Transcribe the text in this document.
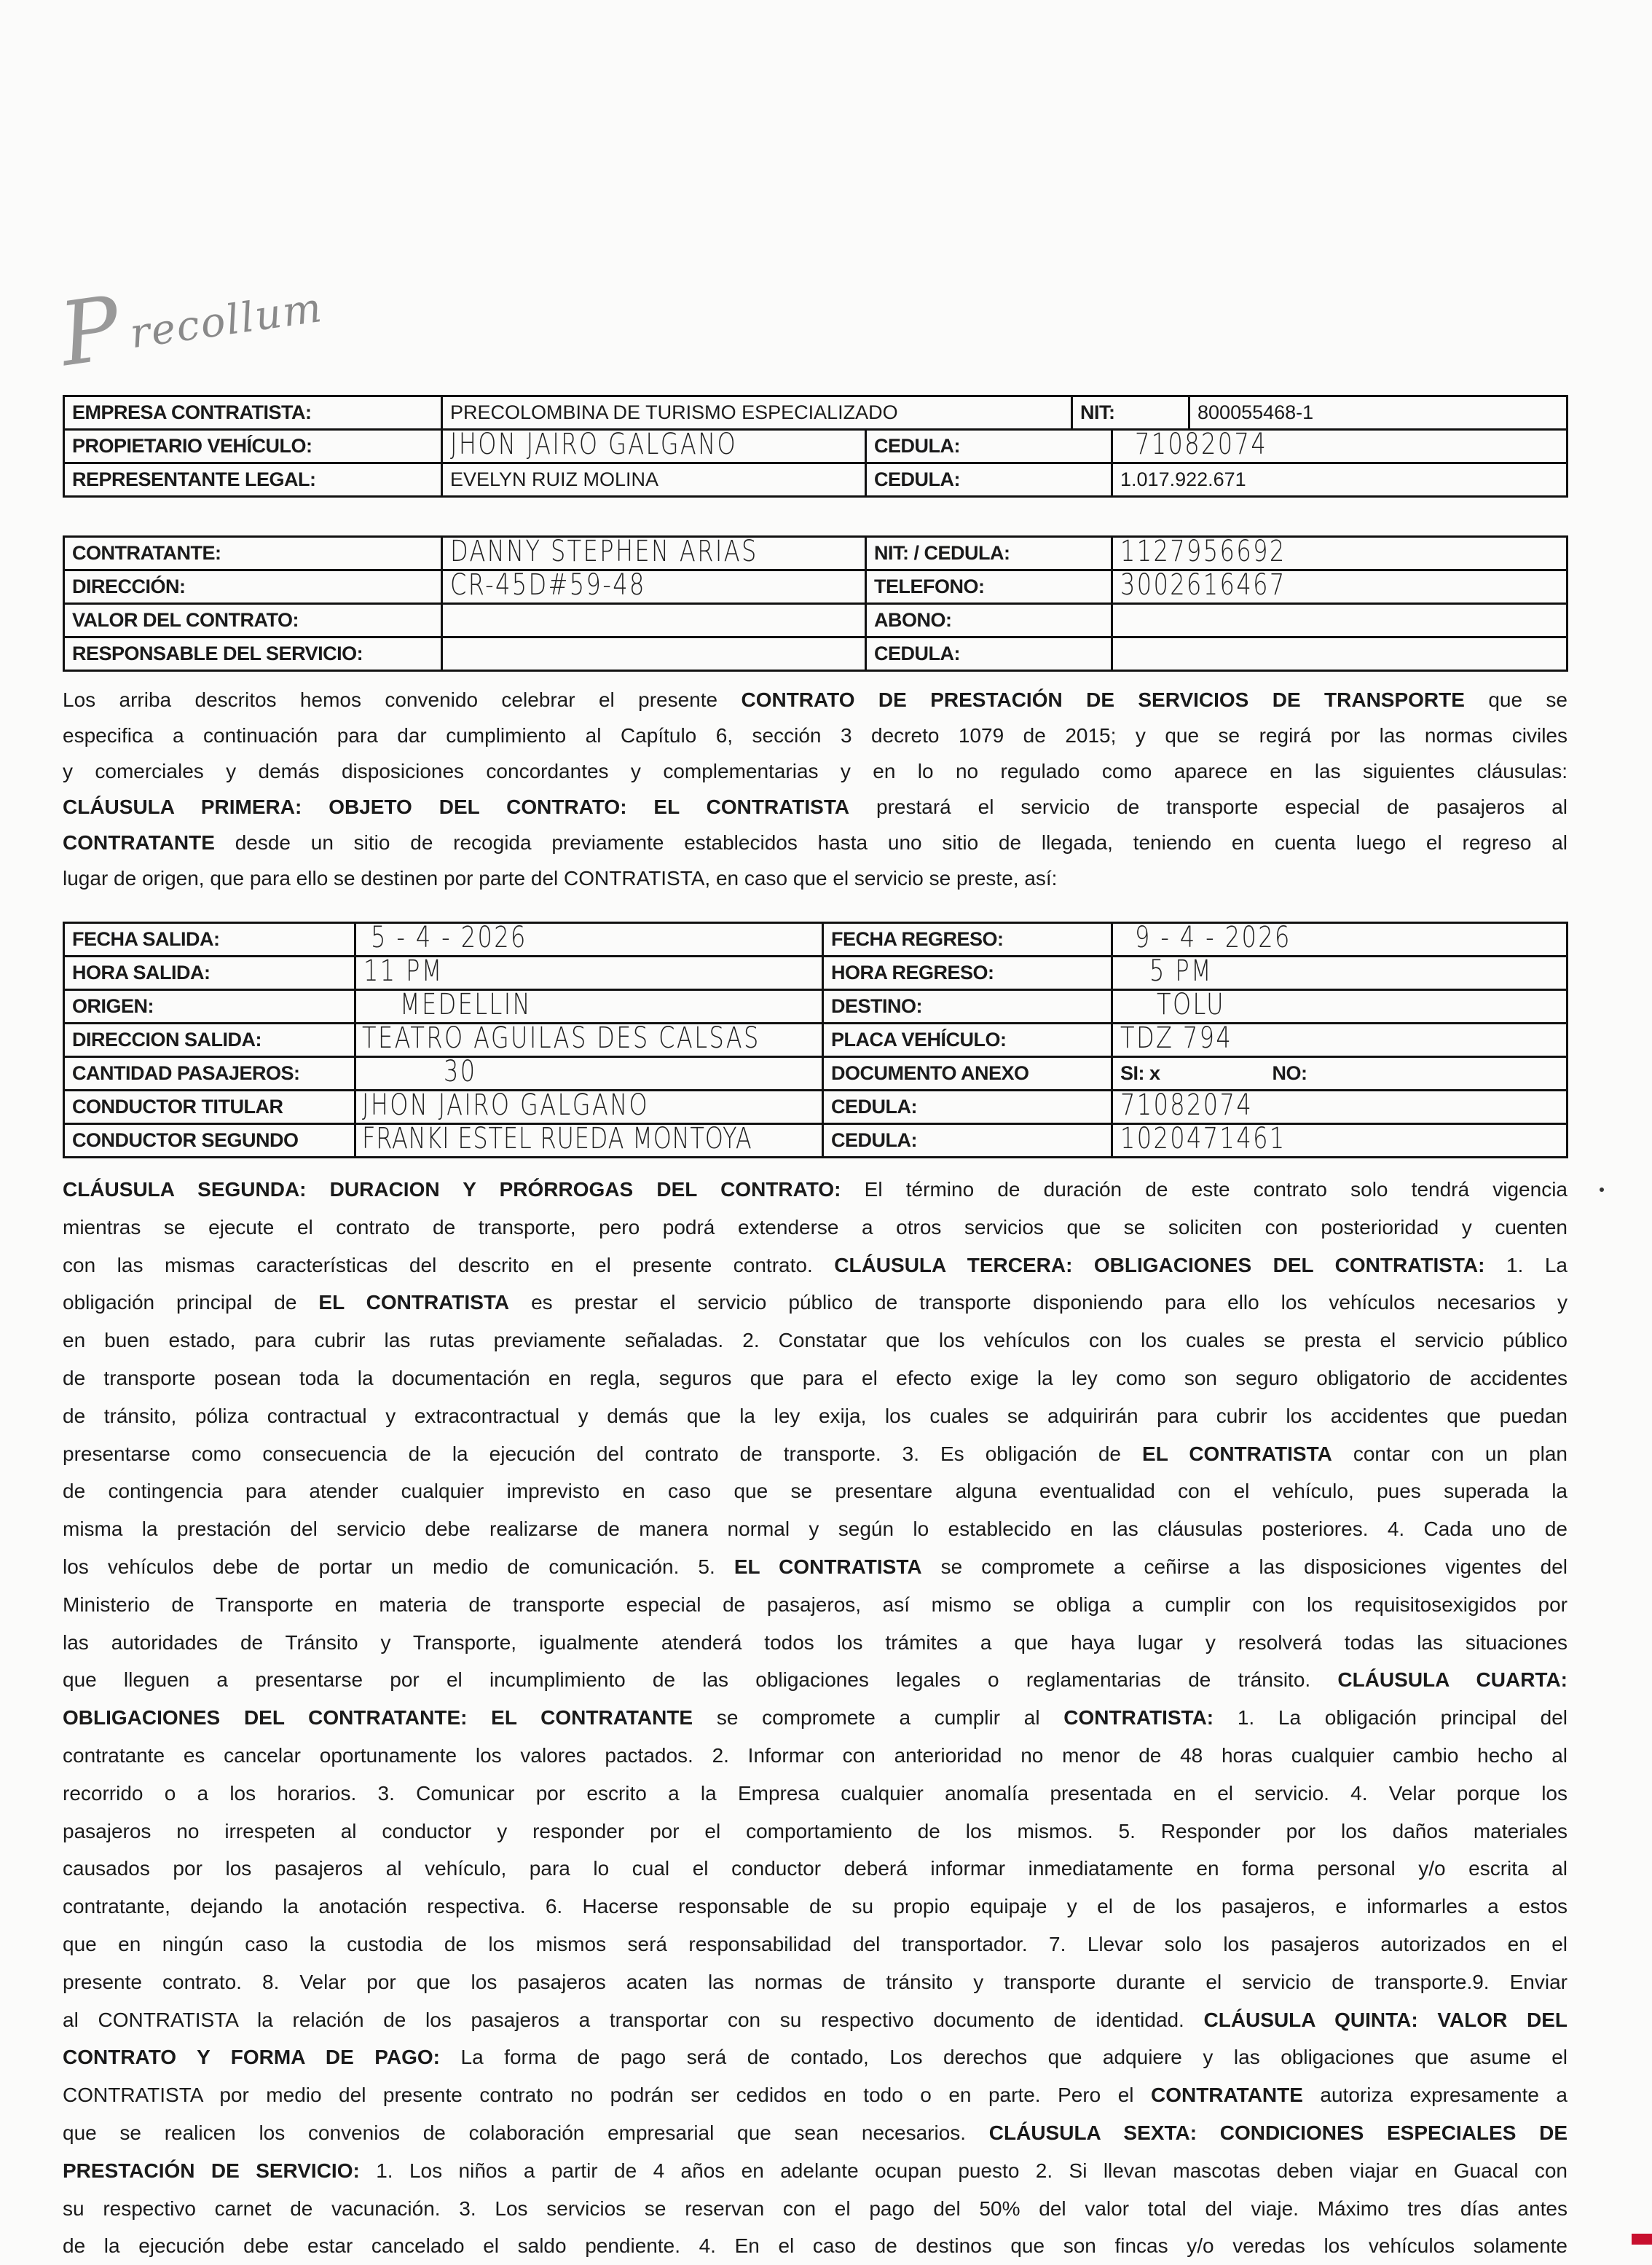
P recollum
EMPRESA CONTRATISTA:	PRECOLOMBINA DE TURISMO ESPECIALIZADO		NIT:		800055468-1
PROPIETARIO VEHÍCULO:	JHON JAIRO GALGANO	CEDULA:		71082074	

REPRESENTANTE LEGAL:	EVELYN RUIZ MOLINA	CEDULA:		1.017.922.671	
CONTRATANTE:	DANNY STEPHEN ARIAS	NIT: / CEDULA:	1127956692

DIRECCIÓN:	CR-45D#59-48	TELEFONO:	3002616467

VALOR DEL CONTRATO:		ABONO:	
RESPONSABLE DEL SERVICIO:		CEDULA:	
Los arriba descritos hemos convenido celebrar el presente CONTRATO DE PRESTACIÓN DE SERVICIOS DE TRANSPORTE que se
especifica a continuación para dar cumplimiento al Capítulo 6, sección 3 decreto 1079 de 2015; y que se regirá por las normas civiles
y comerciales y demás disposiciones concordantes y complementarias y en lo no regulado como aparece en las siguientes cláusulas:
CLÁUSULA PRIMERA: OBJETO DEL CONTRATO: EL CONTRATISTA prestará el servicio de transporte especial de pasajeros al
CONTRATANTE desde un sitio de recogida previamente establecidos hasta uno sitio de llegada, teniendo en cuenta luego el regreso al
lugar de origen, que para ello se destinen por parte del CONTRATISTA, en caso que el servicio se preste, así:
FECHA SALIDA:	5 - 4 - 2026	FECHA REGRESO:	9 - 4 - 2026	

HORA SALIDA:	11 PM	HORA REGRESO:	5 PM	

ORIGEN:	MEDELLIN	DESTINO:	TOLU	

DIRECCION SALIDA:	TEATRO AGUILAS DES CALSAS	PLACA VEHÍCULO:	TDZ 794	

CANTIDAD PASAJEROS:	30	DOCUMENTO ANEXO	SI: x	NO:
CONDUCTOR TITULAR	JHON JAIRO GALGANO	CEDULA:	71082074	

CONDUCTOR SEGUNDO	FRANKI ESTEL RUEDA MONTOYA	CEDULA:	1020471461	
CLÁUSULA SEGUNDA: DURACION Y PRÓRROGAS DEL CONTRATO: El término de duración de este contrato solo tendrá vigencia
mientras se ejecute el contrato de transporte, pero podrá extenderse a otros servicios que se soliciten con posterioridad y cuenten
con las mismas características del descrito en el presente contrato. CLÁUSULA TERCERA: OBLIGACIONES DEL CONTRATISTA: 1. La
obligación principal de EL CONTRATISTA es prestar el servicio público de transporte disponiendo para ello los vehículos necesarios y
en buen estado, para cubrir las rutas previamente señaladas. 2. Constatar que los vehículos con los cuales se presta el servicio público
de transporte posean toda la documentación en regla, seguros que para el efecto exige la ley como son seguro obligatorio de accidentes
de tránsito, póliza contractual y extracontractual y demás que la ley exija, los cuales se adquirirán para cubrir los accidentes que puedan
presentarse como consecuencia de la ejecución del contrato de transporte. 3. Es obligación de EL CONTRATISTA contar con un plan
de contingencia para atender cualquier imprevisto en caso que se presentare alguna eventualidad con el vehículo, pues superada la
misma la prestación del servicio debe realizarse de manera normal y según lo establecido en las cláusulas posteriores. 4. Cada uno de
los vehículos debe de portar un medio de comunicación. 5. EL CONTRATISTA se compromete a ceñirse a las disposiciones vigentes del
Ministerio de Transporte en materia de transporte especial de pasajeros, así mismo se obliga a cumplir con los requisitosexigidos por
las autoridades de Tránsito y Transporte, igualmente atenderá todos los trámites a que haya lugar y resolverá todas las situaciones
que lleguen a presentarse por el incumplimiento de las obligaciones legales o reglamentarias de tránsito. CLÁUSULA CUARTA:
OBLIGACIONES DEL CONTRATANTE: EL CONTRATANTE se compromete a cumplir al CONTRATISTA: 1. La obligación principal del
contratante es cancelar oportunamente los valores pactados. 2. Informar con anterioridad no menor de 48 horas cualquier cambio hecho al
recorrido o a los horarios. 3. Comunicar por escrito a la Empresa cualquier anomalía presentada en el servicio. 4. Velar porque los
pasajeros no irrespeten al conductor y responder por el comportamiento de los mismos. 5. Responder por los daños materiales
causados por los pasajeros al vehículo, para lo cual el conductor deberá informar inmediatamente en forma personal y/o escrita al
contratante, dejando la anotación respectiva. 6. Hacerse responsable de su propio equipaje y el de los pasajeros, e informarles a estos
que en ningún caso la custodia de los mismos será responsabilidad del transportador. 7. Llevar solo los pasajeros autorizados en el
presente contrato. 8. Velar por que los pasajeros acaten las normas de tránsito y transporte durante el servicio de transporte.9. Enviar
al CONTRATISTA la relación de los pasajeros a transportar con su respectivo documento de identidad. CLÁUSULA QUINTA: VALOR DEL
CONTRATO Y FORMA DE PAGO: La forma de pago será de contado, Los derechos que adquiere y las obligaciones que asume el
CONTRATISTA por medio del presente contrato no podrán ser cedidos en todo o en parte. Pero el CONTRATANTE autoriza expresamente a
que se realicen los convenios de colaboración empresarial que sean necesarios. CLÁUSULA SEXTA: CONDICIONES ESPECIALES DE
PRESTACIÓN DE SERVICIO: 1. Los niños a partir de 4 años en adelante ocupan puesto 2. Si llevan mascotas deben viajar en Guacal con
su respectivo carnet de vacunación. 3. Los servicios se reservan con el pago del 50% del valor total del viaje. Máximo tres días antes
de la ejecución debe estar cancelado el saldo pendiente. 4. En el caso de destinos que son fincas y/o veredas los vehículos solamente
